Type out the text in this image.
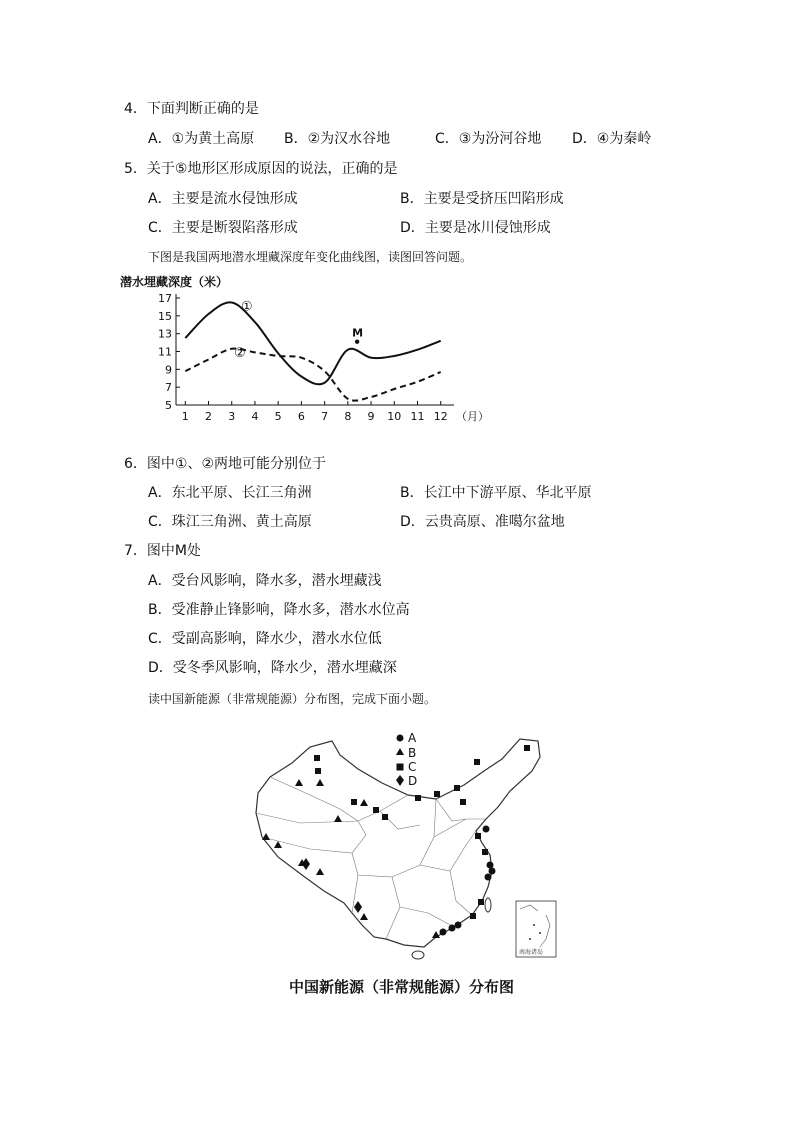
4．下面判断正确的是
A．①为黄土高原 B．②为汉水谷地	C．③为汾河谷地 D．④为秦岭
5．关于⑤地形区形成原因的说法，正确的是
A．主要是流水侵蚀形成	B．主要是受挤压凹陷形成
C．主要是断裂陷落形成	D．主要是冰川侵蚀形成
下图是我国两地潜水埋藏深度年变化曲线图，读图回答问题。
潜水埋藏深度（米）
（月）
5
7
9
11
13
15
17
1 2 3 4 5 6 7 8 9 10 11 12
①
②
M
6．图中①、②两地可能分别位于
A．东北平原、长江三角洲	B．长江中下游平原、华北平原
C．珠江三角洲、黄土高原	D．云贵高原、准噶尔盆地
7．图中M处
A．受台风影响，降水多，潜水埋藏浅
B．受准静止锋影响，降水多，潜水水位高
C．受副高影响，降水少，潜水水位低
D．受冬季风影响，降水少，潜水埋藏深
读中国新能源（非常规能源）分布图，完成下面小题。
A
B
C
D
南海诸岛
中国新能源（非常规能源）分布图
